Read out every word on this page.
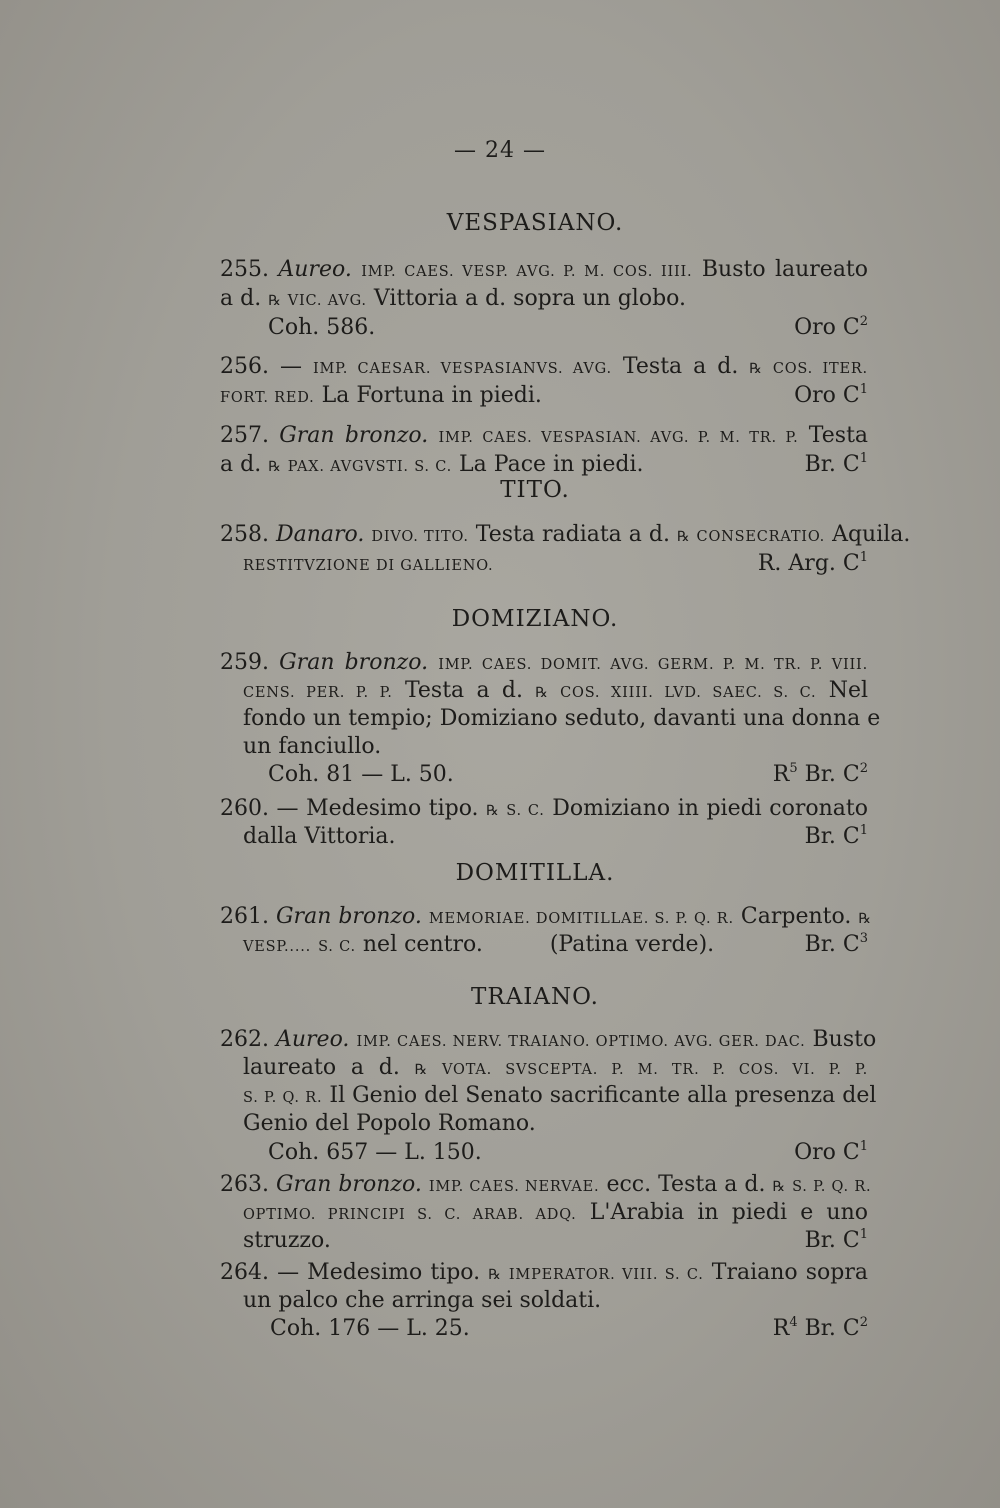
— 24 —
VESPASIANO.
255. Aureo. IMP. CAES. VESP. AVG. P. M. COS. IIII. Busto laureato
a d. ℞ VIC. AVG. Vittoria a d. sopra un globo.
Coh. 586.	Oro $C^2$
256. — IMP. CAESAR. VESPASIANVS. AVG. Testa a d. ℞ COS. ITER.
FORT. RED. La Fortuna in piedi.	Oro $C^1$
257. Gran bronzo. IMP. CAES. VESPASIAN. AVG. P. M. TR. P. Testa
a d. ℞ PAX. AVGVSTI. S. C. La Pace in piedi.	Br. $C^1$
TITO.
258. Danaro. DIVO. TITO. Testa radiata a d. ℞ CONSECRATIO. Aquila.
RESTITVZIONE DI GALLIENO.	R. Arg. $C^1$
DOMIZIANO.
259. Gran bronzo. IMP. CAES. DOMIT. AVG. GERM. P. M. TR. P. VIII.
CENS. PER. P. P. Testa a d. ℞ COS. XIIII. LVD. SAEC. S. C. Nel
fondo un tempio; Domiziano seduto, davanti una donna e
un fanciullo.
Coh. 81 — L. 50.	$R^5$ Br. $C^2$
260. — Medesimo tipo. ℞ S. C. Domiziano in piedi coronato
dalla Vittoria.	Br. $C^1$
DOMITILLA.
261. Gran bronzo. MEMORIAE. DOMITILLAE. S. P. Q. R. Carpento. ℞
VESP..... S. C. nel centro.	(Patina verde).	Br. $C^3$
TRAIANO.
262. Aureo. IMP. CAES. NERV. TRAIANO. OPTIMO. AVG. GER. DAC. Busto
laureato a d. ℞ VOTA. SVSCEPTA. P. M. TR. P. COS. VI. P. P.
S. P. Q. R. Il Genio del Senato sacrificante alla presenza del
Genio del Popolo Romano.
Coh. 657 — L. 150.	Oro $C^1$
263. Gran bronzo. IMP. CAES. NERVAE. ecc. Testa a d. ℞ S. P. Q. R.
OPTIMO. PRINCIPI S. C. ARAB. ADQ. L'Arabia in piedi e uno
struzzo.	Br. $C^1$
264. — Medesimo tipo. ℞ IMPERATOR. VIII. S. C. Traiano sopra
un palco che arringa sei soldati.
Coh. 176 — L. 25.	$R^4$ Br. $C^2$
